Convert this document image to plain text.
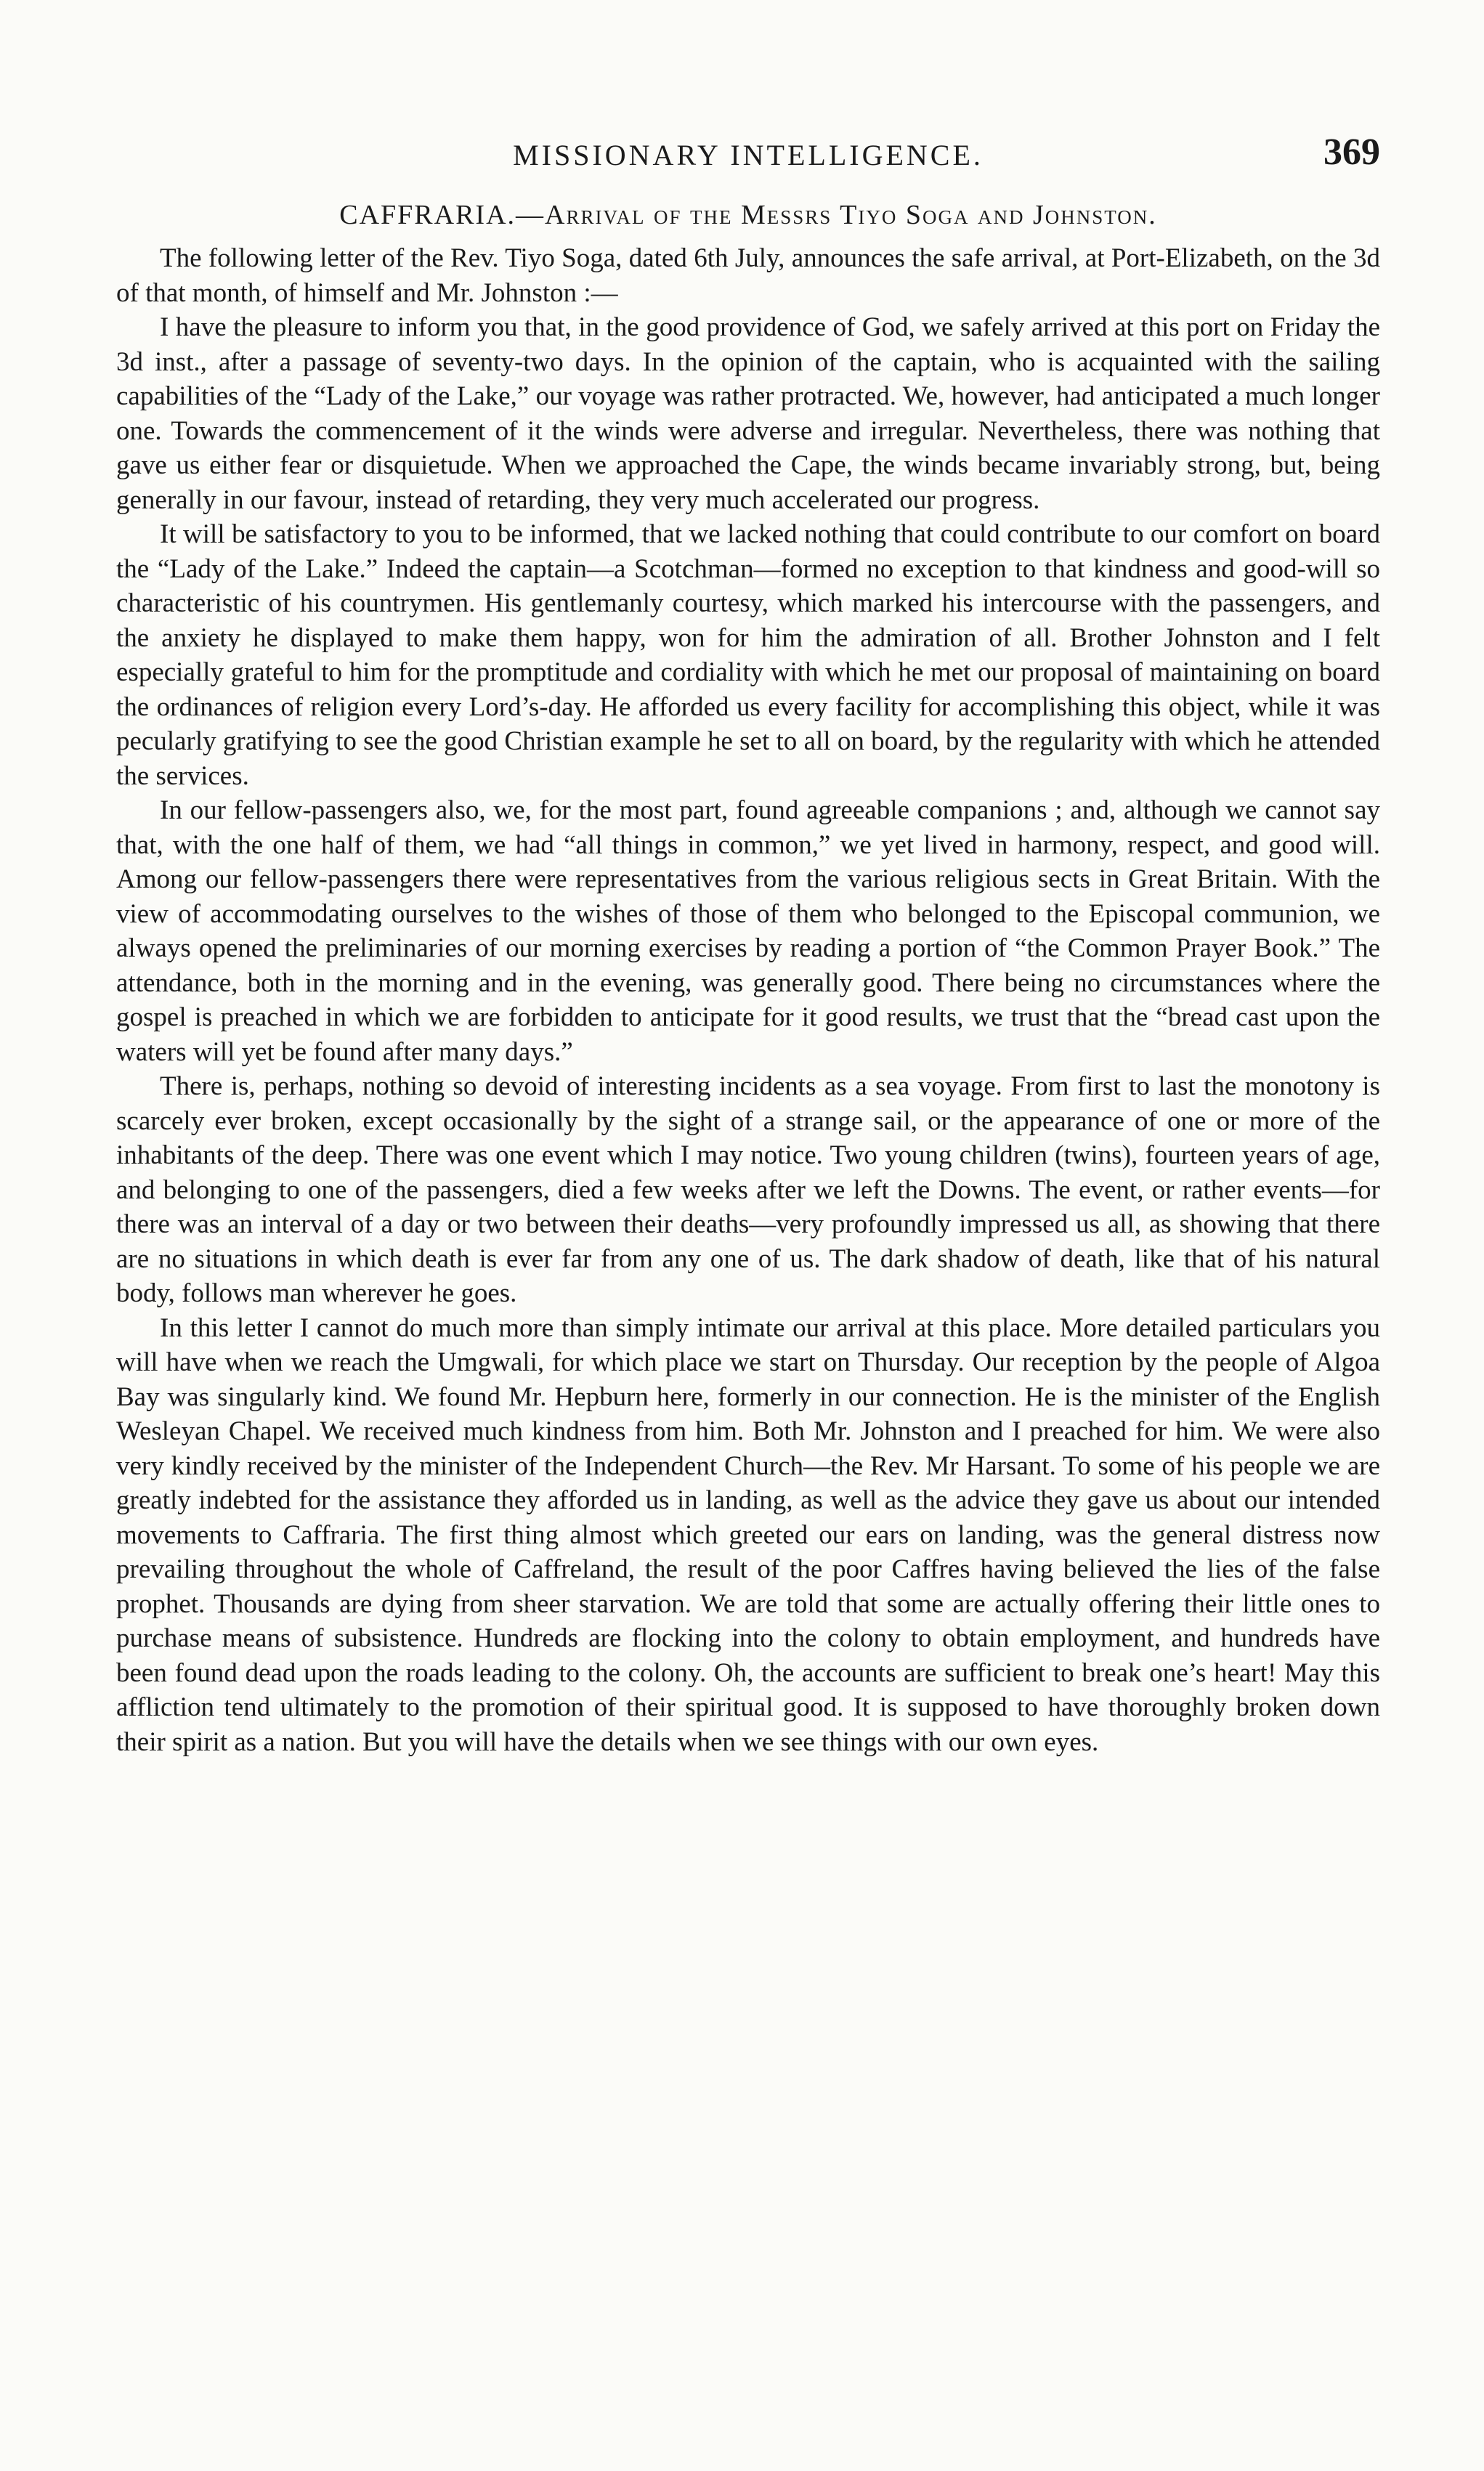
MISSIONARY INTELLIGENCE.	369
CAFFRARIA.—Arrival of the Messrs Tiyo Soga and Johnston.

The following letter of the Rev. Tiyo Soga, dated 6th July, announces the safe arrival, at Port-Elizabeth, on the 3d of that month, of himself and Mr. Johnston :—

I have the pleasure to inform you that, in the good providence of God, we safely arrived at this port on Friday the 3d inst., after a passage of seventy-two days. In the opinion of the captain, who is acquainted with the sailing capabilities of the “Lady of the Lake,” our voyage was rather protracted. We, however, had anticipated a much longer one. Towards the commencement of it the winds were adverse and irregular. Nevertheless, there was nothing that gave us either fear or disquietude. When we approached the Cape, the winds became invariably strong, but, being generally in our favour, instead of retarding, they very much accelerated our progress.

It will be satisfactory to you to be informed, that we lacked nothing that could contribute to our comfort on board the “Lady of the Lake.” Indeed the captain—a Scotchman—formed no exception to that kindness and good-will so characteristic of his countrymen. His gentlemanly courtesy, which marked his intercourse with the passengers, and the anxiety he displayed to make them happy, won for him the admiration of all. Brother Johnston and I felt especially grateful to him for the promptitude and cordiality with which he met our proposal of maintaining on board the ordinances of religion every Lord’s-day. He afforded us every facility for accomplishing this object, while it was pecularly gratifying to see the good Christian example he set to all on board, by the regularity with which he attended the services.

In our fellow-passengers also, we, for the most part, found agreeable companions ; and, although we cannot say that, with the one half of them, we had “all things in common,” we yet lived in harmony, respect, and good will. Among our fellow-passengers there were representatives from the various religious sects in Great Britain. With the view of accommodating ourselves to the wishes of those of them who belonged to the Episcopal communion, we always opened the preliminaries of our morning exercises by reading a portion of “the Common Prayer Book.” The attendance, both in the morning and in the evening, was generally good. There being no circumstances where the gospel is preached in which we are forbidden to anticipate for it good results, we trust that the “bread cast upon the waters will yet be found after many days.”

There is, perhaps, nothing so devoid of interesting incidents as a sea voyage. From first to last the monotony is scarcely ever broken, except occasionally by the sight of a strange sail, or the appearance of one or more of the inhabitants of the deep. There was one event which I may notice. Two young children (twins), fourteen years of age, and belonging to one of the passengers, died a few weeks after we left the Downs. The event, or rather events—for there was an interval of a day or two between their deaths—very profoundly impressed us all, as showing that there are no situations in which death is ever far from any one of us. The dark shadow of death, like that of his natural body, follows man wherever he goes.

In this letter I cannot do much more than simply intimate our arrival at this place. More detailed particulars you will have when we reach the Umgwali, for which place we start on Thursday. Our reception by the people of Algoa Bay was singularly kind. We found Mr. Hepburn here, formerly in our connection. He is the minister of the English Wesleyan Chapel. We received much kindness from him. Both Mr. Johnston and I preached for him. We were also very kindly received by the minister of the Independent Church—the Rev. Mr Harsant. To some of his people we are greatly indebted for the assistance they afforded us in landing, as well as the advice they gave us about our intended movements to Caffraria. The first thing almost which greeted our ears on landing, was the general distress now prevailing throughout the whole of Caffreland, the result of the poor Caffres having believed the lies of the false prophet. Thousands are dying from sheer starvation. We are told that some are actually offering their little ones to purchase means of subsistence. Hundreds are flocking into the colony to obtain employment, and hundreds have been found dead upon the roads leading to the colony. Oh, the accounts are sufficient to break one’s heart! May this affliction tend ultimately to the promotion of their spiritual good. It is supposed to have thoroughly broken down their spirit as a nation. But you will have the details when we see things with our own eyes.
